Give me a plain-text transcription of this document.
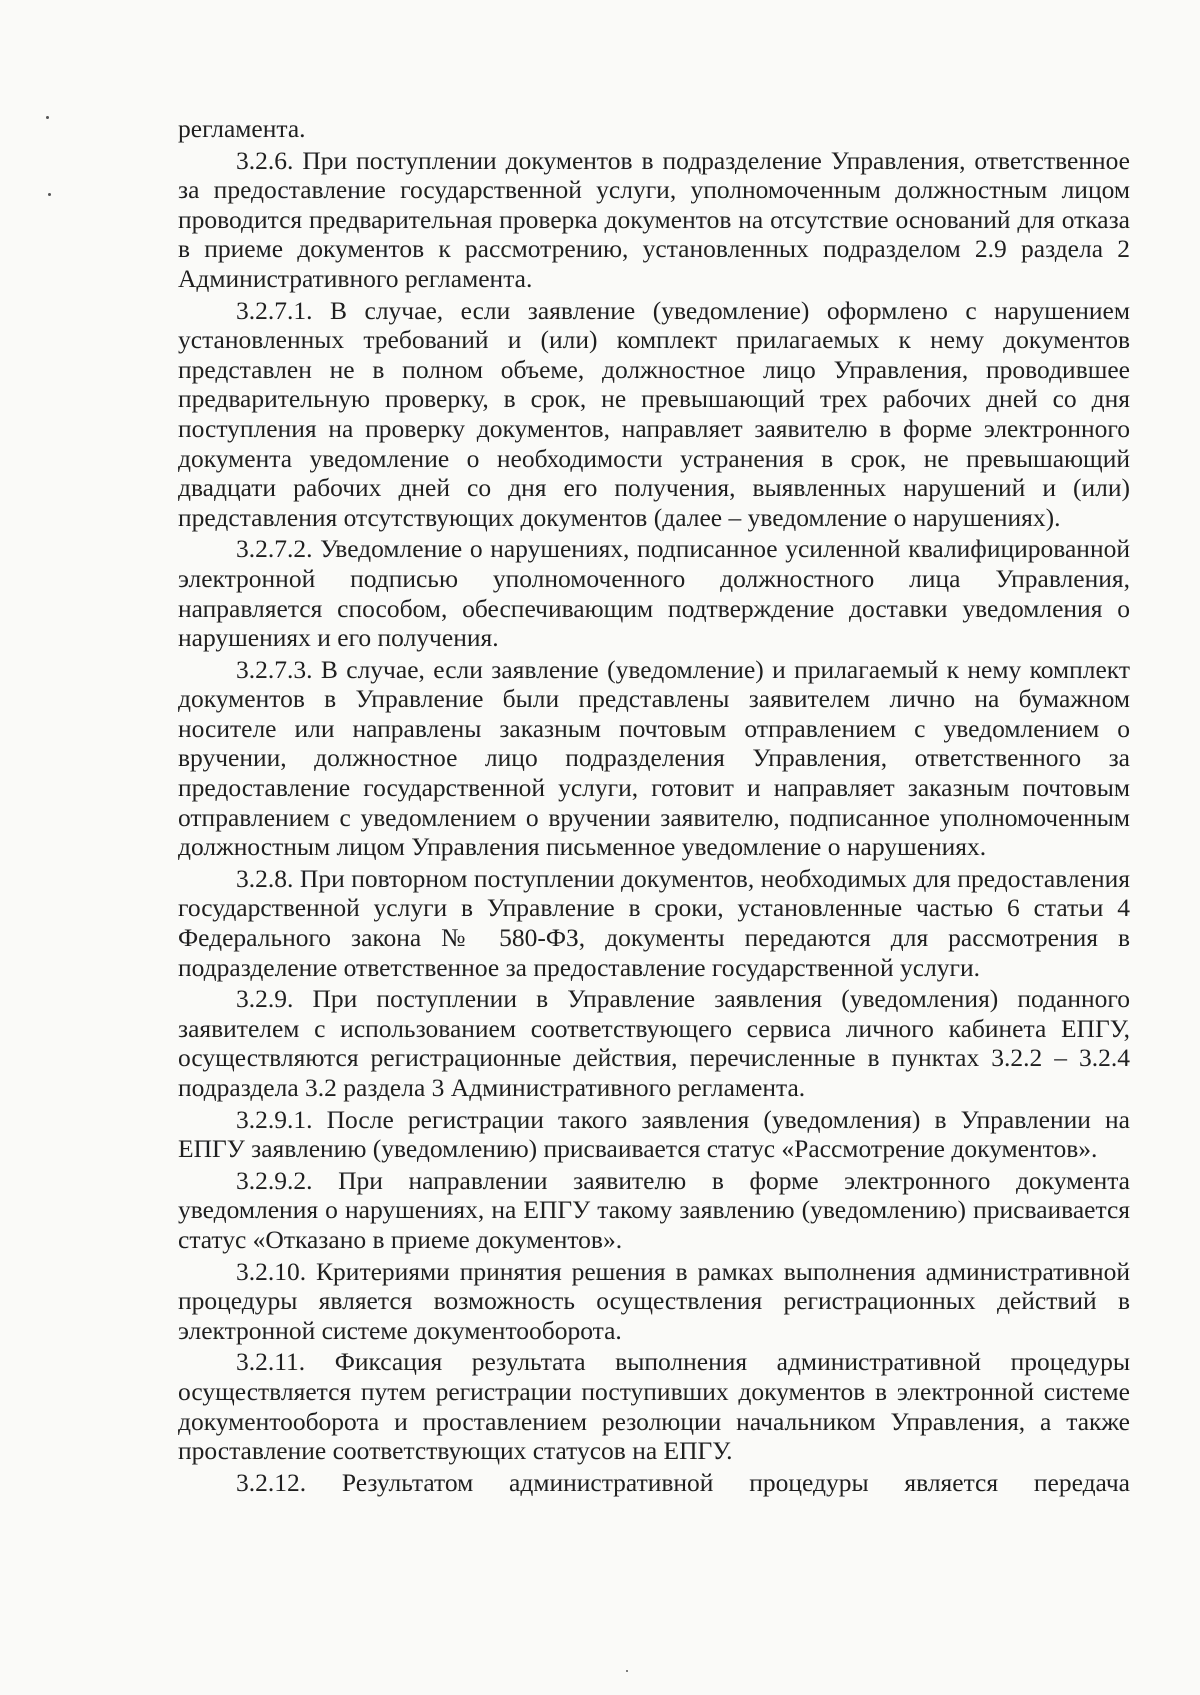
регламента.

3.2.6. При поступлении документов в подразделение Управления, ответственное за предоставление государственной услуги, уполномоченным должностным лицом проводится предварительная проверка документов на отсутствие оснований для отказа в приеме документов к рассмотрению, установленных подразделом 2.9 раздела 2 Административного регламента.

3.2.7.1. В случае, если заявление (уведомление) оформлено с нарушением установленных требований и (или) комплект прилагаемых к нему документов представлен не в полном объеме, должностное лицо Управления, проводившее предварительную проверку, в срок, не превышающий трех рабочих дней со дня поступления на проверку документов, направляет заявителю в форме электронного документа уведомление о необходимости устранения в срок, не превышающий двадцати рабочих дней со дня его получения, выявленных нарушений и (или) представления отсутствующих документов (далее – уведомление о нарушениях).

3.2.7.2. Уведомление о нарушениях, подписанное усиленной квалифицированной электронной подписью уполномоченного должностного лица Управления, направляется способом, обеспечивающим подтверждение доставки уведомления о нарушениях и его получения.

3.2.7.3. В случае, если заявление (уведомление) и прилагаемый к нему комплект документов в Управление были представлены заявителем лично на бумажном носителе или направлены заказным почтовым отправлением с уведомлением о вручении, должностное лицо подразделения Управления, ответственного за предоставление государственной услуги, готовит и направляет заказным почтовым отправлением с уведомлением о вручении заявителю, подписанное уполномоченным должностным лицом Управления письменное уведомление о нарушениях.

3.2.8. При повторном поступлении документов, необходимых для предоставления государственной услуги в Управление в сроки, установленные частью 6 статьи 4 Федерального закона № 580-ФЗ, документы передаются для рассмотрения в подразделение ответственное за предоставление государственной услуги.

3.2.9. При поступлении в Управление заявления (уведомления) поданного заявителем с использованием соответствующего сервиса личного кабинета ЕПГУ, осуществляются регистрационные действия, перечисленные в пунктах 3.2.2 – 3.2.4 подраздела 3.2 раздела 3 Административного регламента.

3.2.9.1. После регистрации такого заявления (уведомления) в Управлении на ЕПГУ заявлению (уведомлению) присваивается статус «Рассмотрение документов».

3.2.9.2. При направлении заявителю в форме электронного документа уведомления о нарушениях, на ЕПГУ такому заявлению (уведомлению) присваивается статус «Отказано в приеме документов».

3.2.10. Критериями принятия решения в рамках выполнения административной процедуры является возможность осуществления регистрационных действий в электронной системе документооборота.

3.2.11. Фиксация результата выполнения административной процедуры осуществляется путем регистрации поступивших документов в электронной системе документооборота и проставлением резолюции начальником Управления, а также проставление соответствующих статусов на ЕПГУ.

3.2.12. Результатом административной процедуры является передача
